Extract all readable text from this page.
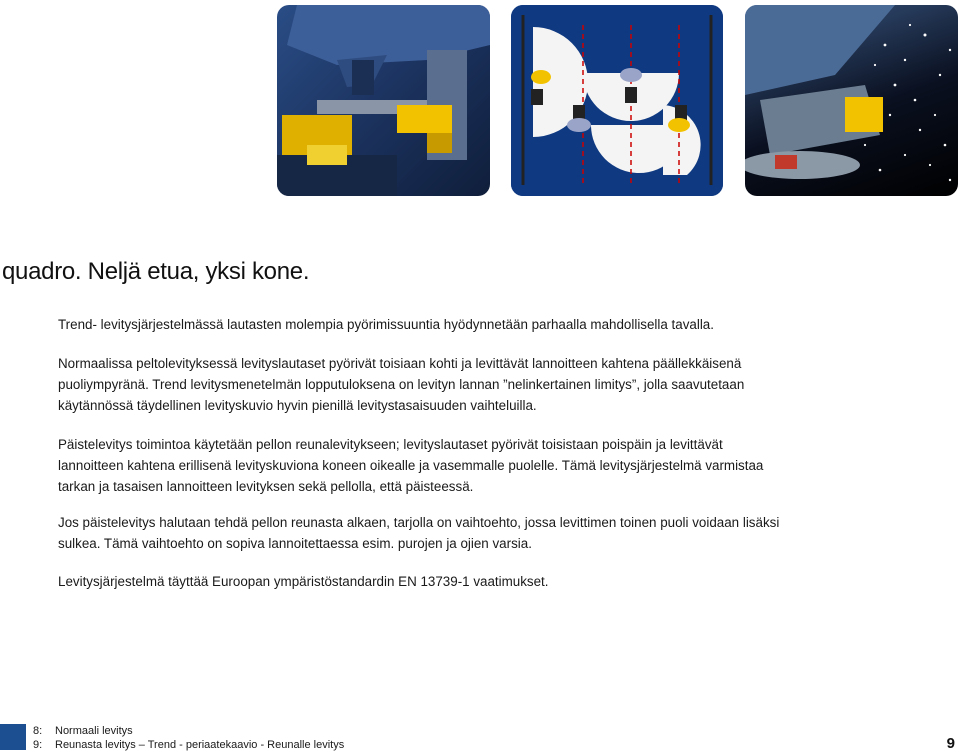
quadro. Neljä etua, yksi kone.

Trend- levitysjärjestelmässä lautasten molempia pyörimissuuntia hyödynnetään parhaalla mahdollisella tavalla.

Normaalissa peltolevityksessä levityslautaset pyörivät toisiaan kohti ja levittävät lannoitteen kahtena päällekkäisenä puoliympyränä. Trend levitysmenetelmän lopputuloksena on levityn lannan ”nelinkertainen limitys”, jolla saavutetaan käytännössä täydellinen levityskuvio hyvin pienillä levitystasaisuuden vaihteluilla.

Päistelevitys toimintoa käytetään pellon reunalevitykseen; levityslautaset pyörivät toisistaan poispäin ja levittävät lannoitteen kahtena erillisenä levityskuviona koneen oikealle ja vasemmalle puolelle. Tämä levitysjärjestelmä varmistaa tarkan ja tasaisen lannoitteen levityksen sekä pellolla, että päisteessä.

Jos päistelevitys halutaan tehdä pellon reunasta alkaen, tarjolla on vaihtoehto, jossa levittimen toinen puoli voidaan lisäksi sulkea. Tämä vaihtoehto on sopiva lannoitettaessa esim. purojen ja ojien varsia.

Levitysjärjestelmä täyttää Euroopan ympäristöstandardin EN 13739-1 vaatimukset.

8: Normaali levitys
9: Reunasta levitys – Trend - periaatekaavio - Reunalle levitys	9
